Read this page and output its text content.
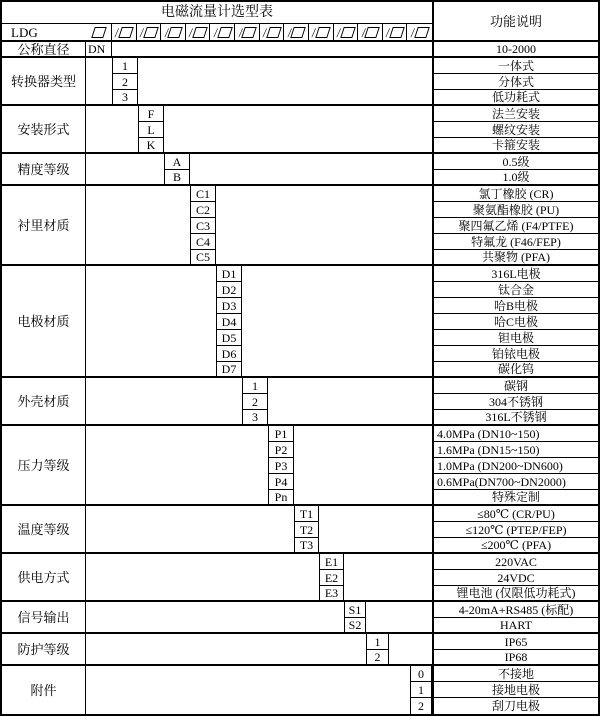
电磁流量计选型表
功能说明
LDG	/ / / / / / / / / / / / /
公称直径	DN	10-2000
转换器类型
1	一体式
2	分体式
3	低功耗式
安装形式
F	法兰安装
L	螺纹安装
K	卡箍安装
精度等级	A	0.5级
B	1.0级
衬里材质
C1	氯丁橡胶 (CR)
C2	聚氨酯橡胶 (PU)
C3	聚四氟乙烯 (F4/PTFE)
C4	特氟龙 (F46/FEP)
C5	共聚物 (PFA)
电极材质
D1	316L电极
D2	钛合金
D3	哈B电极
D4	哈C电极
D5	钽电极
D6	铂铱电极
D7	碳化钨
外壳材质
1	碳钢
2	304不锈钢
3	316L不锈钢
压力等级
P1	4.0MPa (DN10~150)
P2	1.6MPa (DN15~150)
P3	1.0MPa (DN200~DN600)
P4	0.6MPa(DN700~DN2000)
Pn	特殊定制
温度等级
T1	≤80℃ (CR/PU)
T2	≤120℃ (PTEP/FEP)
T3	≤200℃ (PFA)
供电方式
E1	220VAC
E2	24VDC
E3	锂电池 (仅限低功耗式)
信号输出	S1	4-20mA+RS485 (标配)
S2	HART
防护等级	1	IP65
2	IP68
附件
0	不接地
1	接地电极
2	刮刀电极
